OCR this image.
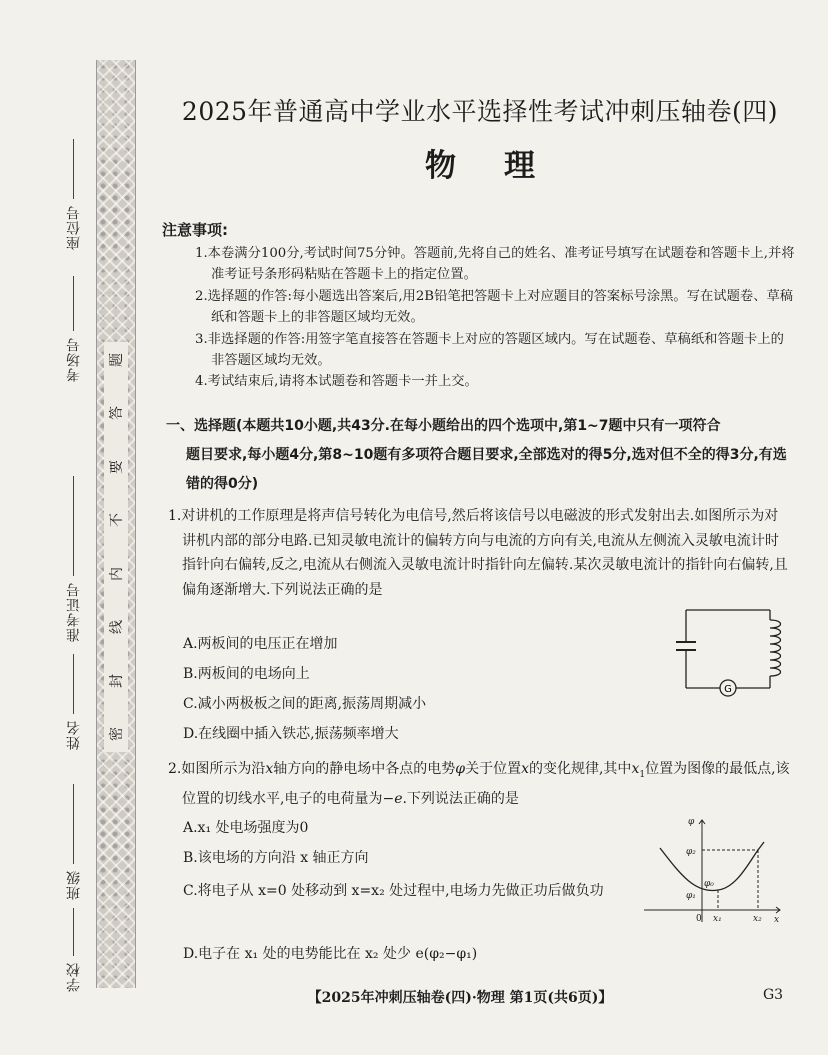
座位号
考场号
准考证号
姓名
班级
学校
密
封
线
内
不
要
答
题
2025年普通高中学业水平选择性考试冲刺压轴卷(四)
物理
注意事项:
1.本卷满分100分,考试时间75分钟。答题前,先将自己的姓名、准考证号填写在试题卷和答题卡上,并将准考证号条形码粘贴在答题卡上的指定位置。
2.选择题的作答:每小题选出答案后,用2B铅笔把答题卡上对应题目的答案标号涂黑。写在试题卷、草稿纸和答题卡上的非答题区域均无效。
3.非选择题的作答:用签字笔直接答在答题卡上对应的答题区域内。写在试题卷、草稿纸和答题卡上的非答题区域均无效。
4.考试结束后,请将本试题卷和答题卡一并上交。
一、选择题(本题共10小题,共43分.在每小题给出的四个选项中,第1~7题中只有一项符合
题目要求,每小题4分,第8~10题有多项符合题目要求,全部选对的得5分,选对但不全的得3分,有选错的得0分)
1.对讲机的工作原理是将声信号转化为电信号,然后将该信号以电磁波的形式发射出去.如图所示为对讲机内部的部分电路.已知灵敏电流计的偏转方向与电流的方向有关,电流从左侧流入灵敏电流计时指针向右偏转,反之,电流从右侧流入灵敏电流计时指针向左偏转.某次灵敏电流计的指针向右偏转,且偏角逐渐增大.下列说法正确的是
A.两板间的电压正在增加
B.两板间的电场向上
C.减小两极板之间的距离,振荡周期减小
D.在线圈中插入铁芯,振荡频率增大
G
2.如图所示为沿x轴方向的静电场中各点的电势φ关于位置x的变化规律,其中$x_1$位置为图像的最低点,该位置的切线水平,电子的电荷量为−e.下列说法正确的是
A.x₁ 处电场强度为0
B.该电场的方向沿 x 轴正方向
C.将电子从 x=0 处移动到 x=x₂ 处过程中,电场力先做正功后做负功
D.电子在 x₁ 处的电势能比在 x₂ 处少 e(φ₂−φ₁)
φ
x
0 x₁	x₂
φ₀
φ₁
φ₂
【2025年冲刺压轴卷(四)·物理 第1页(共6页)】	G3
